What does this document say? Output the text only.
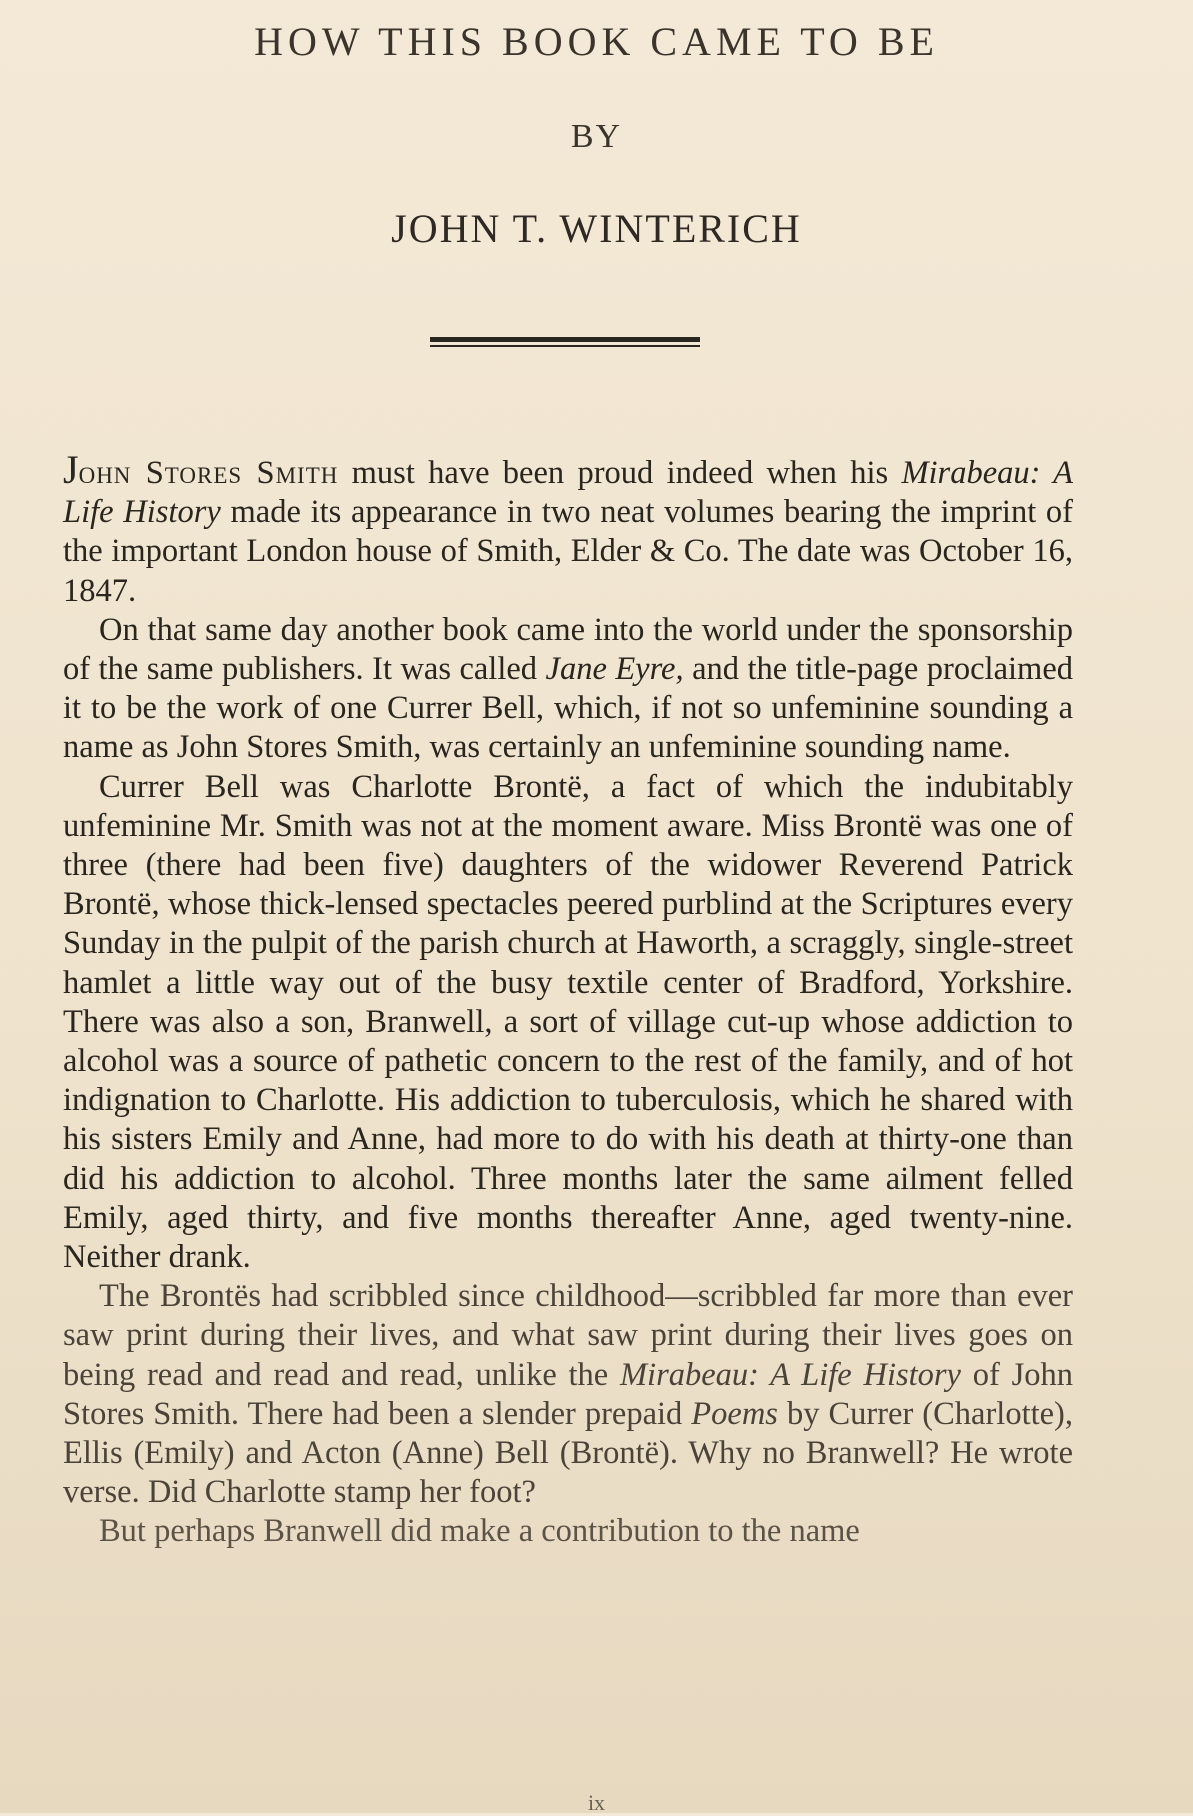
HOW THIS BOOK CAME TO BE
BY
JOHN T. WINTERICH

John Stores Smith must have been proud indeed when his Mirabeau: A Life History made its appearance in two neat volumes bearing the imprint of the important London house of Smith, Elder & Co. The date was October 16, 1847.

On that same day another book came into the world under the sponsorship of the same publishers. It was called Jane Eyre, and the title-page proclaimed it to be the work of one Currer Bell, which, if not so unfeminine sounding a name as John Stores Smith, was certainly an unfeminine sounding name.

Currer Bell was Charlotte Brontë, a fact of which the indubitably unfeminine Mr. Smith was not at the moment aware. Miss Brontë was one of three (there had been five) daughters of the widower Reverend Patrick Brontë, whose thick-lensed spectacles peered purblind at the Scriptures every Sunday in the pulpit of the parish church at Haworth, a scraggly, single-street hamlet a little way out of the busy textile center of Bradford, Yorkshire. There was also a son, Branwell, a sort of village cut-up whose addiction to alcohol was a source of pathetic concern to the rest of the family, and of hot indignation to Charlotte. His addiction to tuberculosis, which he shared with his sisters Emily and Anne, had more to do with his death at thirty-one than did his addiction to alcohol. Three months later the same ailment felled Emily, aged thirty, and five months thereafter Anne, aged twenty-nine. Neither drank.

The Brontës had scribbled since childhood—scribbled far more than ever saw print during their lives, and what saw print during their lives goes on being read and read and read, unlike the Mirabeau: A Life History of John Stores Smith. There had been a slender prepaid Poems by Currer (Charlotte), Ellis (Emily) and Acton (Anne) Bell (Brontë). Why no Branwell? He wrote verse. Did Charlotte stamp her foot?

But perhaps Branwell did make a contribution to the name

ix
